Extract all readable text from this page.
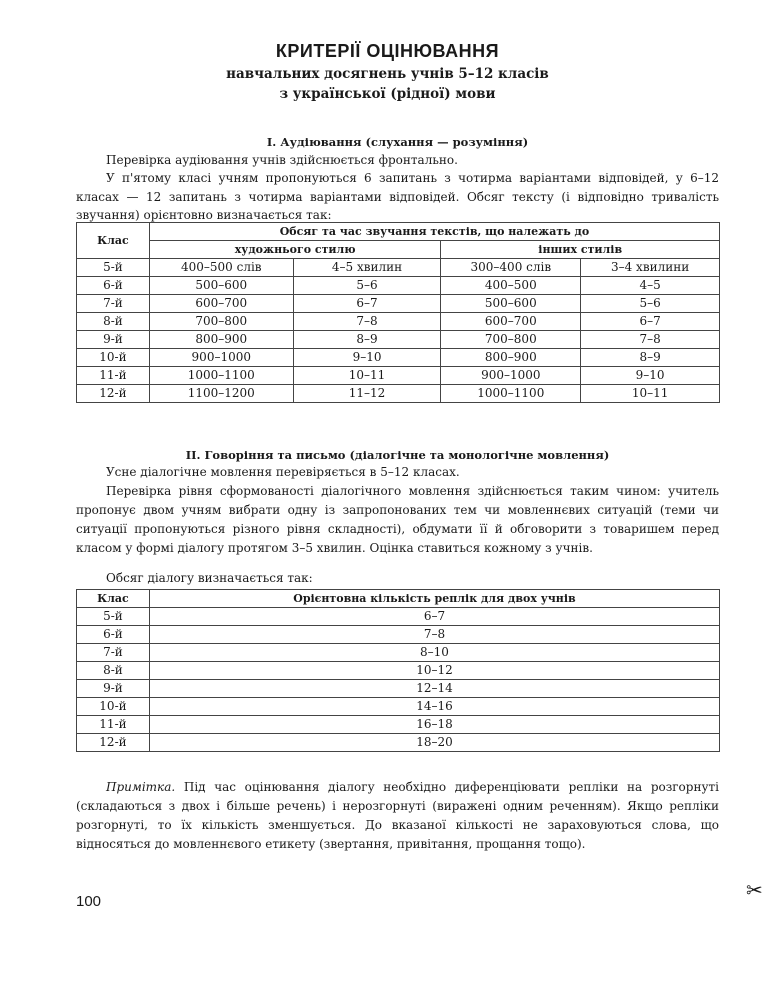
КРИТЕРІЇ ОЦІНЮВАННЯ
навчальних досягнень учнів 5–12 класів
з української (рідної) мови
І. Аудіювання (слухання — розуміння)
Перевірка аудіювання учнів здійснюється фронтально.
У п'ятому класі учням пропонуються 6 запитань з чотирма варіантами відповідей, у 6–12 класах — 12 запитань з чотирма варіантами відповідей. Обсяг тексту (і відповідно тривалість звучання) орієнтовно визначається так:
Клас	Обсяг та час звучання текстів, що належать до			
	художнього стилю		інших стилів	
5-й	400–500 слів	4–5 хвилин	300–400 слів	3–4 хвилини
6-й	500–600	5–6	400–500	4–5
7-й	600–700	6–7	500–600	5–6
8-й	700–800	7–8	600–700	6–7
9-й	800–900	8–9	700–800	7–8
10-й	900–1000	9–10	800–900	8–9
11-й	1000–1100	10–11	900–1000	9–10
12-й	1100–1200	11–12	1000–1100	10–11
ІІ. Говоріння та письмо (діалогічне та монологічне мовлення)
Усне діалогічне мовлення перевіряється в 5–12 класах.
Перевірка рівня сформованості діалогічного мовлення здійснюється таким чином: учитель пропонує двом учням вибрати одну із запропонованих тем чи мовленнєвих ситуацій (теми чи ситуації пропонуються різного рівня складності), обдумати її й обговорити з товаришем перед класом у формі діалогу протягом 3–5 хвилин. Оцінка ставиться кожному з учнів.
Обсяг діалогу визначається так:
Клас	Орієнтовна кількість реплік для двох учнів
5-й	6–7
6-й	7–8
7-й	8–10
8-й	10–12
9-й	12–14
10-й	14–16
11-й	16–18
12-й	18–20
Примітка. Під час оцінювання діалогу необхідно диференціювати репліки на розгорнуті (складаються з двох і більше речень) і нерозгорнуті (виражені одним реченням). Якщо репліки розгорнуті, то їх кількість зменшується. До вказаної кількості не зараховуються слова, що відносяться до мовленнєвого етикету (звертання, привітання, прощання тощо).
100	✂
